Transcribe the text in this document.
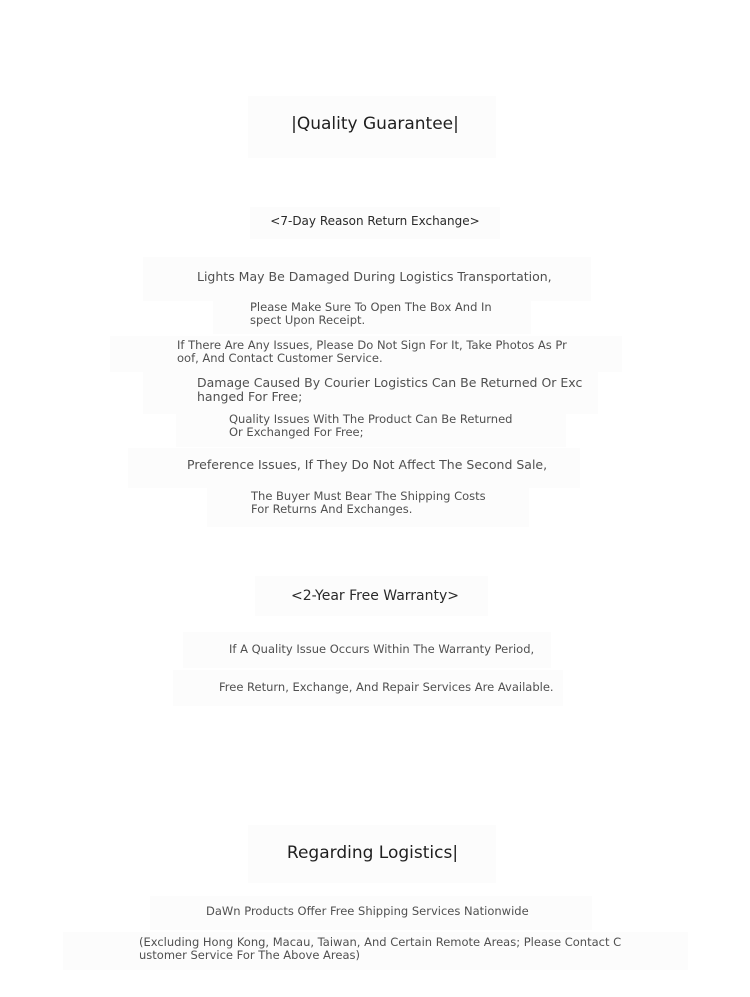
|Quality Guarantee|
<7-Day Reason Return Exchange>
Lights May Be Damaged During Logistics Transportation,
Please Make Sure To Open The Box And In
spect Upon Receipt.
If There Are Any Issues, Please Do Not Sign For It, Take Photos As Pr
oof, And Contact Customer Service.
Damage Caused By Courier Logistics Can Be Returned Or Exc
hanged For Free;
Quality Issues With The Product Can Be Returned
Or Exchanged For Free;
Preference Issues, If They Do Not Affect The Second Sale,
The Buyer Must Bear The Shipping Costs
For Returns And Exchanges.
<2-Year Free Warranty>
If A Quality Issue Occurs Within The Warranty Period,
Free Return, Exchange, And Repair Services Are Available.
Regarding Logistics|
DaWn Products Offer Free Shipping Services Nationwide
(Excluding Hong Kong, Macau, Taiwan, And Certain Remote Areas; Please Contact C
ustomer Service For The Above Areas)
